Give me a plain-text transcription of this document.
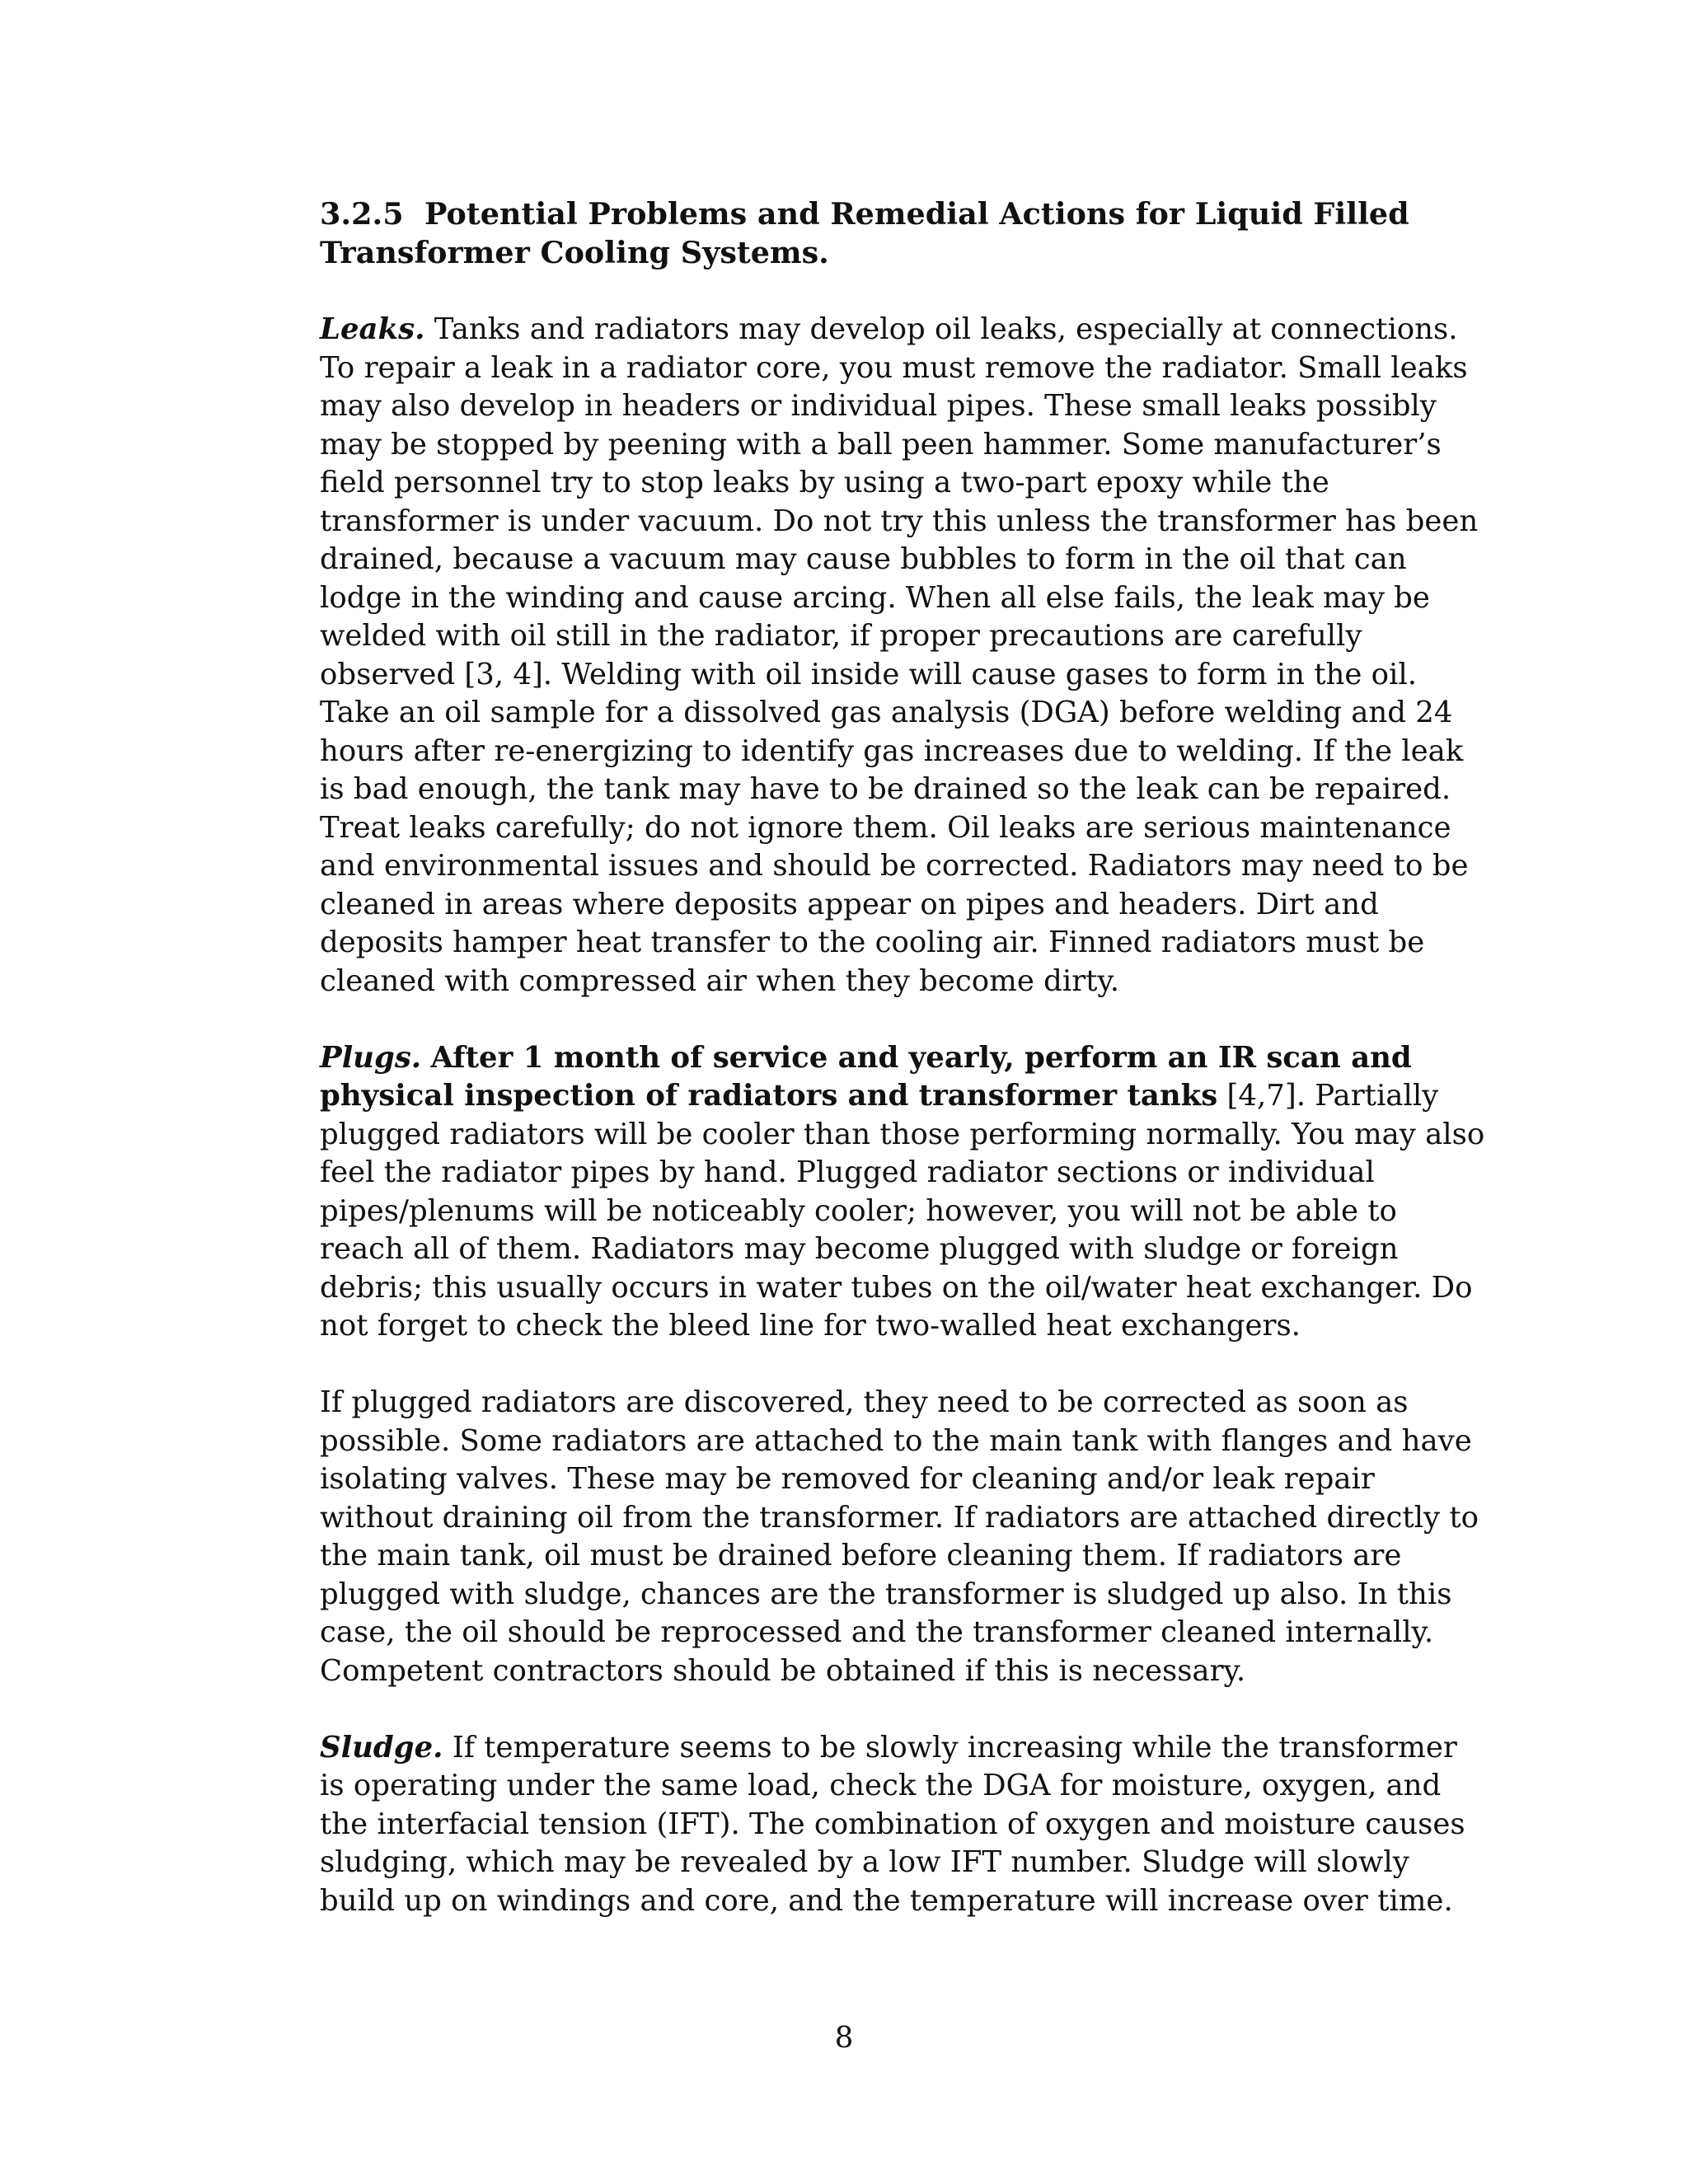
3.2.5 Potential Problems and Remedial Actions for Liquid Filled Transformer Cooling Systems.

Leaks. Tanks and radiators may develop oil leaks, especially at connections. To repair a leak in a radiator core, you must remove the radiator. Small leaks may also develop in headers or individual pipes. These small leaks possibly may be stopped by peening with a ball peen hammer. Some manufacturer’s field personnel try to stop leaks by using a two-part epoxy while the transformer is under vacuum. Do not try this unless the transformer has been drained, because a vacuum may cause bubbles to form in the oil that can lodge in the winding and cause arcing. When all else fails, the leak may be welded with oil still in the radiator, if proper precautions are carefully observed [3, 4]. Welding with oil inside will cause gases to form in the oil. Take an oil sample for a dissolved gas analysis (DGA) before welding and 24 hours after re-energizing to identify gas increases due to welding. If the leak is bad enough, the tank may have to be drained so the leak can be repaired. Treat leaks carefully; do not ignore them. Oil leaks are serious maintenance and environmental issues and should be corrected. Radiators may need to be cleaned in areas where deposits appear on pipes and headers. Dirt and deposits hamper heat transfer to the cooling air. Finned radiators must be cleaned with compressed air when they become dirty.

Plugs. After 1 month of service and yearly, perform an IR scan and physical inspection of radiators and transformer tanks [4,7]. Partially plugged radiators will be cooler than those performing normally. You may also feel the radiator pipes by hand. Plugged radiator sections or individual pipes/plenums will be noticeably cooler; however, you will not be able to reach all of them. Radiators may become plugged with sludge or foreign debris; this usually occurs in water tubes on the oil/water heat exchanger. Do not forget to check the bleed line for two-walled heat exchangers.

If plugged radiators are discovered, they need to be corrected as soon as possible. Some radiators are attached to the main tank with flanges and have isolating valves. These may be removed for cleaning and/or leak repair without draining oil from the transformer. If radiators are attached directly to the main tank, oil must be drained before cleaning them. If radiators are plugged with sludge, chances are the transformer is sludged up also. In this case, the oil should be reprocessed and the transformer cleaned internally. Competent contractors should be obtained if this is necessary.

Sludge. If temperature seems to be slowly increasing while the transformer is operating under the same load, check the DGA for moisture, oxygen, and the interfacial tension (IFT). The combination of oxygen and moisture causes sludging, which may be revealed by a low IFT number. Sludge will slowly build up on windings and core, and the temperature will increase over time.

8
